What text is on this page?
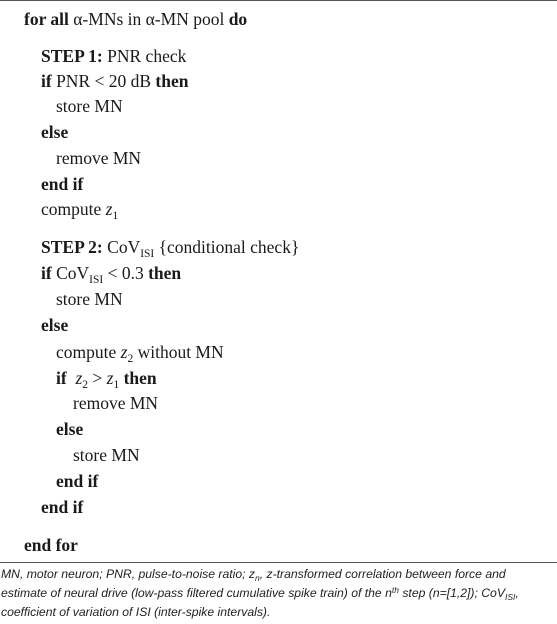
for all α-MNs in α-MN pool do
STEP 1: PNR check
if PNR < 20 dB then
store MN
else
remove MN
end if
compute $z_1$
STEP 2: CoV$_{ISI}$ {conditional check}
if CoV$_{ISI}$ < 0.3 then
store MN
else
compute $z_2$ without MN
if $z_2 > z_1$ then
remove MN
else
store MN
end if
end if
end for
MN, motor neuron; PNR, pulse-to-noise ratio; $z_n$, z-transformed correlation between force and estimate of neural drive (low-pass filtered cumulative spike train) of the $n^{th}$ step (n=[1,2]); CoV$_{ISI}$, coefficient of variation of ISI (inter-spike intervals).
